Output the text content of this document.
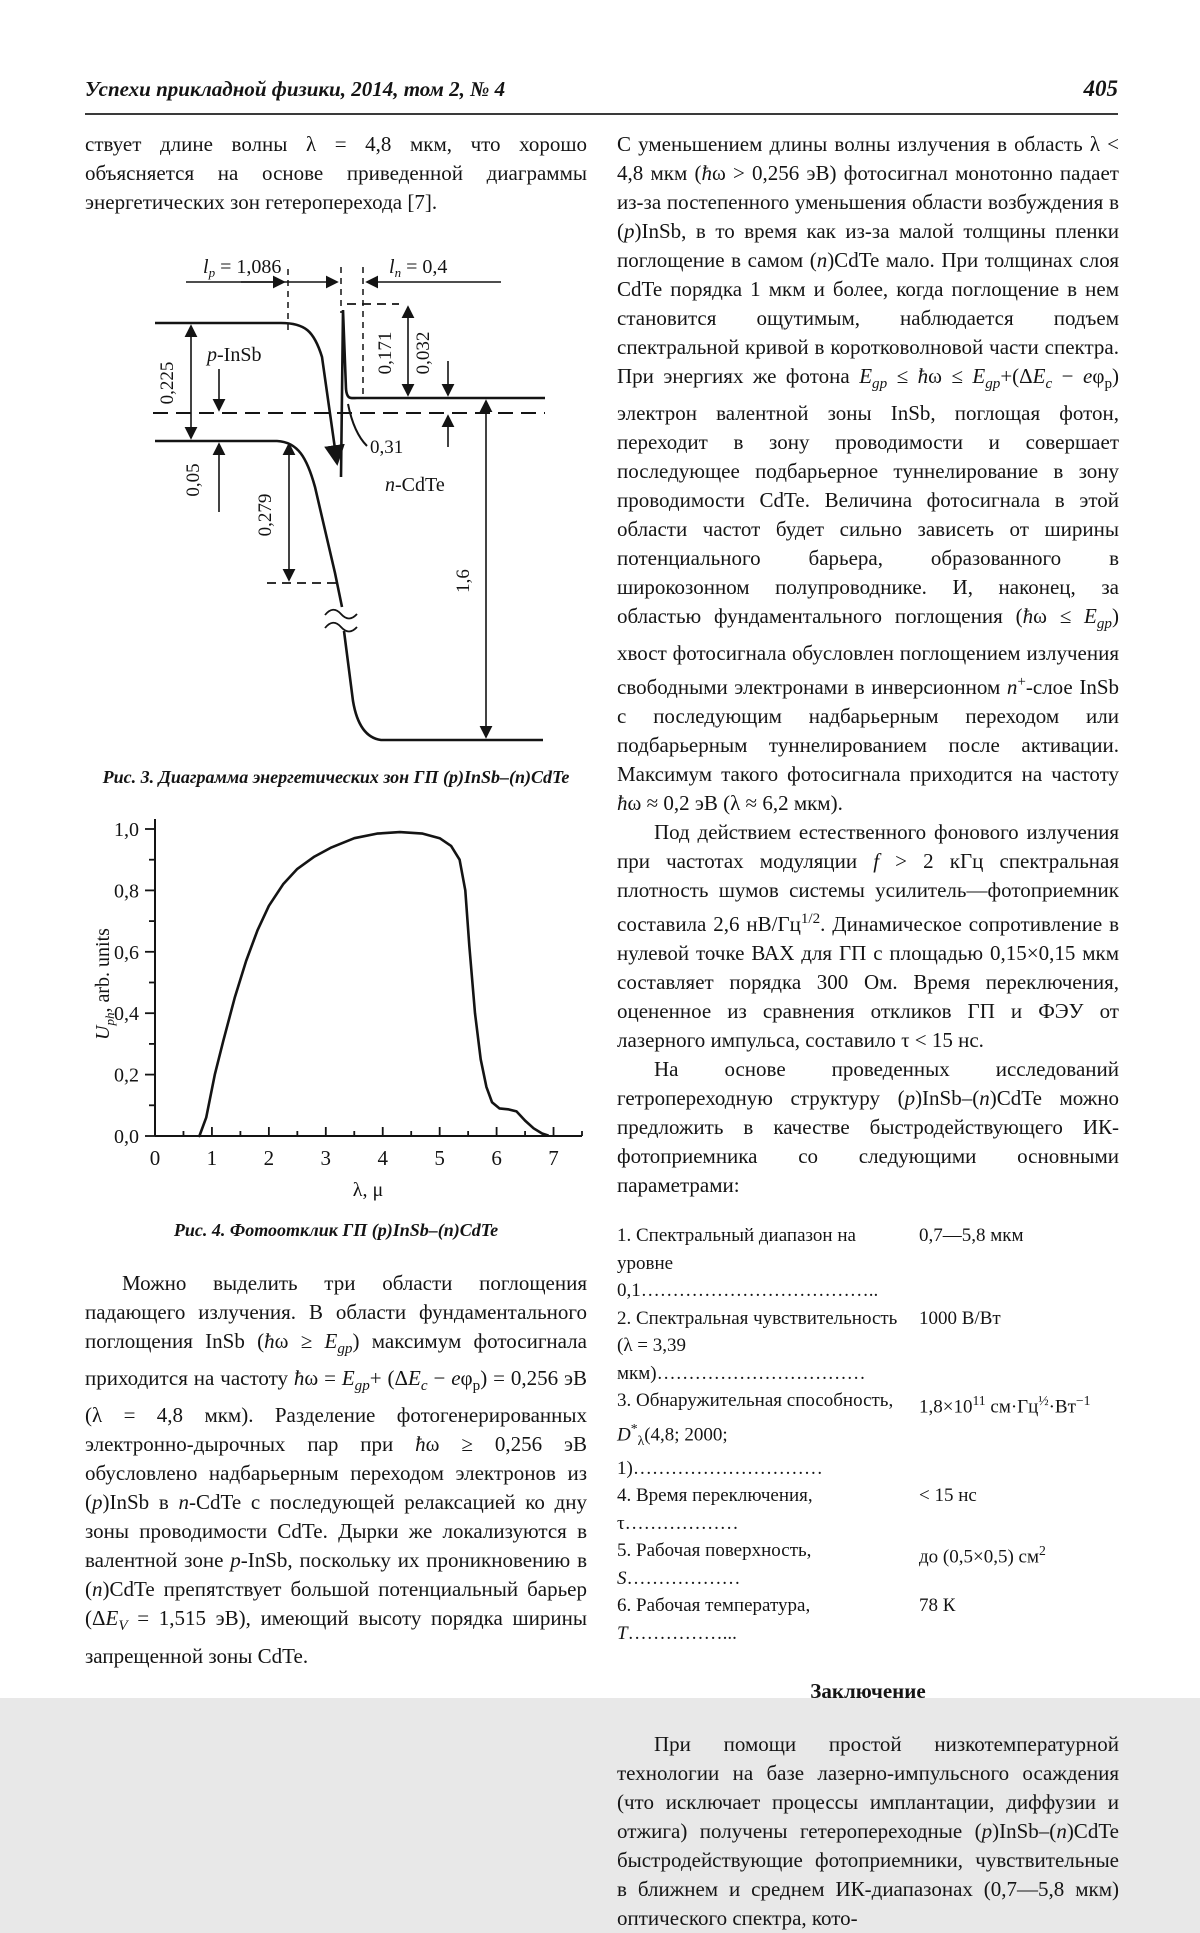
Успехи прикладной физики, 2014, том 2, № 4	405

ствует длине волны λ = 4,8 мкм, что хорошо объясняется на основе приведенной диаграммы энергетических зон гетероперехода [7].

$l_p = 1,086$	$l_n = 0,4$
p-InSb
n-CdTe
0,31
0,225
0,05
0,279
0,171 0,032
1,6
Рис. 3. Диаграмма энергетических зон ГП (p)InSb–(n)CdTe
0,0
0,2
0,4
0,6
0,8
1,0
0 1 2 3 4 5 6 7
$U_{ph}$, arb. units
λ, μ
Рис. 4. Фотоотклик ГП (p)InSb–(n)CdTe

Можно выделить три области поглощения падающего излучения. В области фундаментального поглощения InSb (ħω ≥ $E_{gp}$) максимум фотосигнала приходится на частоту ħω = $E_{gp}+ (\Delta E_c - e\varphi_p) = 0,256$ эВ (λ = 4,8 мкм). Разделение фотогенерированных электронно-дырочных пар при ħω ≥ 0,256 эВ обусловлено надбарьерным переходом электронов из (p)InSb в n-CdTe с последующей релаксацией ко дну зоны проводимости CdTe. Дырки же локализуются в валентной зоне p-InSb, поскольку их проникновению в (n)CdTe препятствует большой потенциальный барьер ($\Delta E_V = 1,515$ эВ), имеющий высоту порядка ширины запрещенной зоны CdTe.

С уменьшением длины волны излучения в область λ < 4,8 мкм (ħω > 0,256 эВ) фотосигнал монотонно падает из-за постепенного уменьшения области возбуждения в (p)InSb, в то время как из-за малой толщины пленки поглощение в самом (n)CdTe мало. При толщинах слоя CdTe порядка 1 мкм и более, когда поглощение в нем становится ощутимым, наблюдается подъем спектральной кривой в коротковолновой части спектра. При энергиях же фотона $E_{gp}$ ≤ ħω ≤ $E_{gp}+(\Delta E_c - e\varphi_p)$ электрон валентной зоны InSb, поглощая фотон, переходит в зону проводимости и совершает последующее подбарьерное туннелирование в зону проводимости CdTe. Величина фотосигнала в этой области частот будет сильно зависеть от ширины потенциального барьера, образованного в широкозонном полупроводнике. И, наконец, за областью фундаментального поглощения (ħω ≤ $E_{gp}$) хвост фотосигнала обусловлен поглощением излучения свободными электронами в инверсионном n+-слое InSb с последующим надбарьерным переходом или подбарьерным туннелированием после активации. Максимум такого фотосигнала приходится на частоту ħω ≈ 0,2 эВ (λ ≈ 6,2 мкм).

Под действием естественного фонового излучения при частотах модуляции f > 2 кГц спектральная плотность шумов системы усилитель—фотоприемник составила 2,6 $нВ/Гц^{1/2}$. Динамическое сопротивление в нулевой точке ВАХ для ГП с площадью 0,15×0,15 мкм составляет порядка 300 Ом. Время переключения, оцененное из сравнения откликов ГП и ФЭУ от лазерного импульса, составило τ < 15 нс.

На основе проведенных исследований гетропереходную структуру (p)InSb–(n)CdTe можно предложить в качестве быстродействующего ИК-фотоприемника со следующими основными параметрами:

1. Спектральный диапазон на
уровне 0,1………………………………..
0,7—5,8 мкм
2. Спектральная чувствительность
(λ = 3,39 мкм)……………………………
1000 В/Вт
3. Обнаружительная способность,
$D^*_\lambda(4,8$; 2000; 1)…………………………
$1,8\times 10^{11}$ $см\cdot Гц^{\frac{1}{2}}\cdot Вт^{-1}$
4. Время переключения, τ………………
< 15 нс
5. Рабочая поверхность, S………………
до (0,5×0,5) $см^2$
6. Рабочая температура, Т……………...
78 К
Заключение

При помощи простой низкотемпературной технологии на базе лазерно-импульсного осаждения (что исключает процессы имплантации, диффузии и отжига) получены гетеропереходные (p)InSb–(n)CdTe быстродействующие фотоприемники, чувствительные в ближнем и среднем ИК-диапазонах (0,7—5,8 мкм) оптического спектра, кото-
